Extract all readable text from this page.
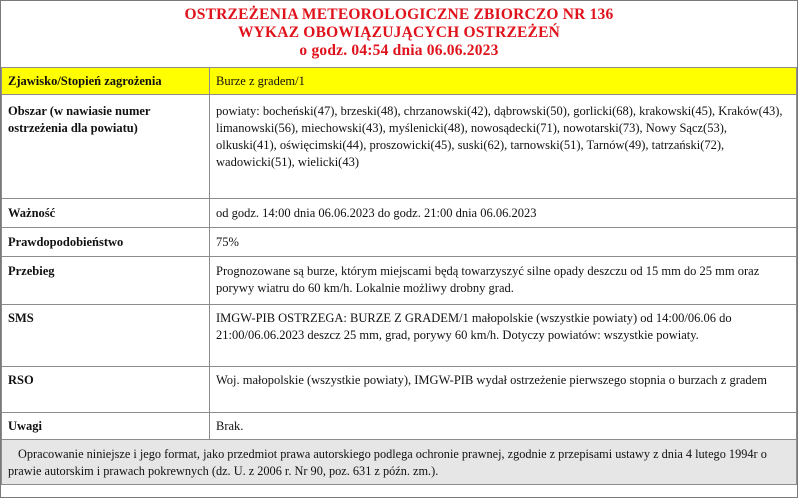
OSTRZEŻENIA METEOROLOGICZNE ZBIORCZO NR 136
WYKAZ OBOWIĄZUJĄCYCH OSTRZEŻEŃ
o godz. 04:54 dnia 06.06.2023
Zjawisko/Stopień zagrożenia	Burze z gradem/1
Obszar (w nawiasie numer ostrzeżenia dla powiatu)	powiaty: bocheński(47), brzeski(48), chrzanowski(42), dąbrowski(50), gorlicki(68), krakowski(45), Kraków(43), limanowski(56), miechowski(43), myślenicki(48), nowosądecki(71), nowotarski(73), Nowy Sącz(53), olkuski(41), oświęcimski(44), proszowicki(45), suski(62), tarnowski(51), Tarnów(49), tatrzański(72), wadowicki(51), wielicki(43)
Ważność	od godz. 14:00 dnia 06.06.2023 do godz. 21:00 dnia 06.06.2023
Prawdopodobieństwo	75%
Przebieg	Prognozowane są burze, którym miejscami będą towarzyszyć silne opady deszczu od 15 mm do 25 mm oraz porywy wiatru do 60 km/h. Lokalnie możliwy drobny grad.
SMS	IMGW-PIB OSTRZEGA: BURZE Z GRADEM/1 małopolskie (wszystkie powiaty) od 14:00/06.06 do 21:00/06.06.2023 deszcz 25 mm, grad, porywy 60 km/h. Dotyczy powiatów: wszystkie powiaty.
RSO	Woj. małopolskie (wszystkie powiaty), IMGW-PIB wydał ostrzeżenie pierwszego stopnia o burzach z gradem
Uwagi	Brak.
Opracowanie niniejsze i jego format, jako przedmiot prawa autorskiego podlega ochronie prawnej, zgodnie z przepisami ustawy z dnia 4 lutego 1994r o prawie autorskim i prawach pokrewnych (dz. U. z 2006 r. Nr 90, poz. 631 z późn. zm.).	
